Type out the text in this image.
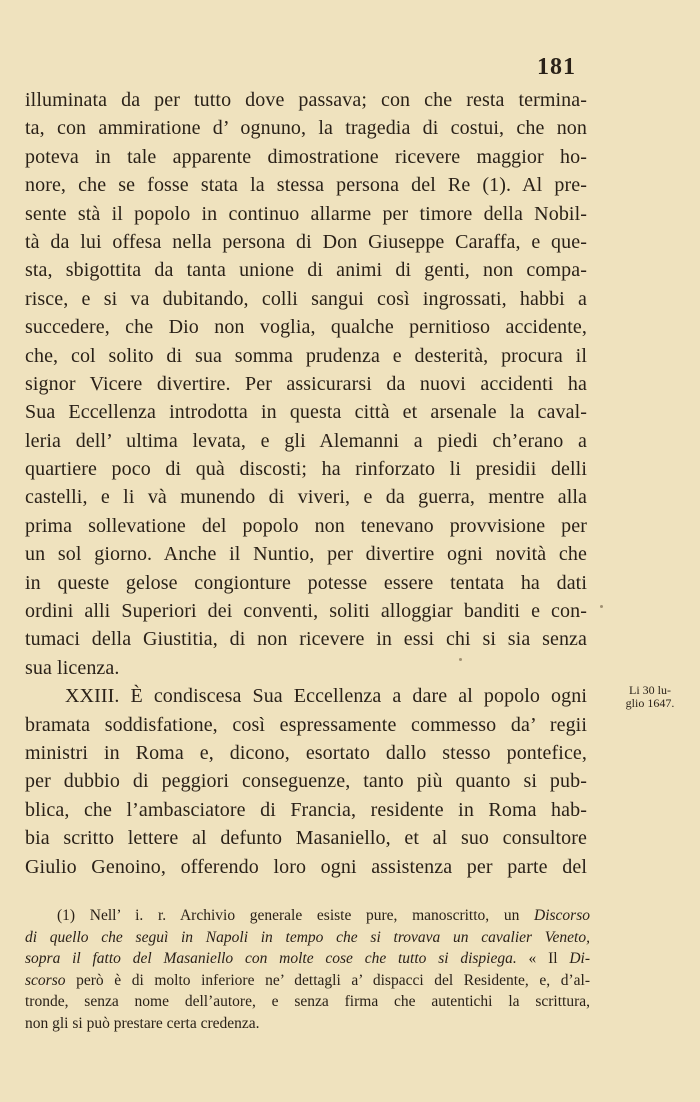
181
illuminata da per tutto dove passava; con che resta termina-
ta, con ammiratione d’ ognuno, la tragedia di costui, che non
poteva in tale apparente dimostratione ricevere maggior ho-
nore, che se fosse stata la stessa persona del Re (1). Al pre-
sente stà il popolo in continuo allarme per timore della Nobil-
tà da lui offesa nella persona di Don Giuseppe Caraffa, e que-
sta, sbigottita da tanta unione di animi di genti, non compa-
risce, e si va dubitando, colli sangui così ingrossati, habbi a
succedere, che Dio non voglia, qualche pernitioso accidente,
che, col solito di sua somma prudenza e desterità, procura il
signor Vicere divertire. Per assicurarsi da nuovi accidenti ha
Sua Eccellenza introdotta in questa città et arsenale la caval-
leria dell’ ultima levata, e gli Alemanni a piedi ch’erano a
quartiere poco di quà discosti; ha rinforzato li presidii delli
castelli, e li và munendo di viveri, e da guerra, mentre alla
prima sollevatione del popolo non tenevano provvisione per
un sol giorno. Anche il Nuntio, per divertire ogni novità che
in queste gelose congionture potesse essere tentata ha dati
ordini alli Superiori dei conventi, soliti alloggiar banditi e con-
tumaci della Giustitia, di non ricevere in essi chi si sia senza
sua licenza.
XXIII. È condiscesa Sua Eccellenza a dare al popolo ogni
bramata soddisfatione, così espressamente commesso da’ regii
ministri in Roma e, dicono, esortato dallo stesso pontefice,
per dubbio di peggiori conseguenze, tanto più quanto si pub-
blica, che l’ambasciatore di Francia, residente in Roma hab-
bia scritto lettere al defunto Masaniello, et al suo consultore
Giulio Genoino, offerendo loro ogni assistenza per parte del
Li 30 lu-
glio 1647.
(1) Nell’ i. r. Archivio generale esiste pure, manoscritto, un Discorso
di quello che seguì in Napoli in tempo che si trovava un cavalier Veneto,
sopra il fatto del Masaniello con molte cose che tutto si dispiega. « Il Di-
scorso però è di molto inferiore ne’ dettagli a’ dispacci del Residente, e, d’al-
tronde, senza nome dell’autore, e senza firma che autentichi la scrittura,
non gli si può prestare certa credenza.
